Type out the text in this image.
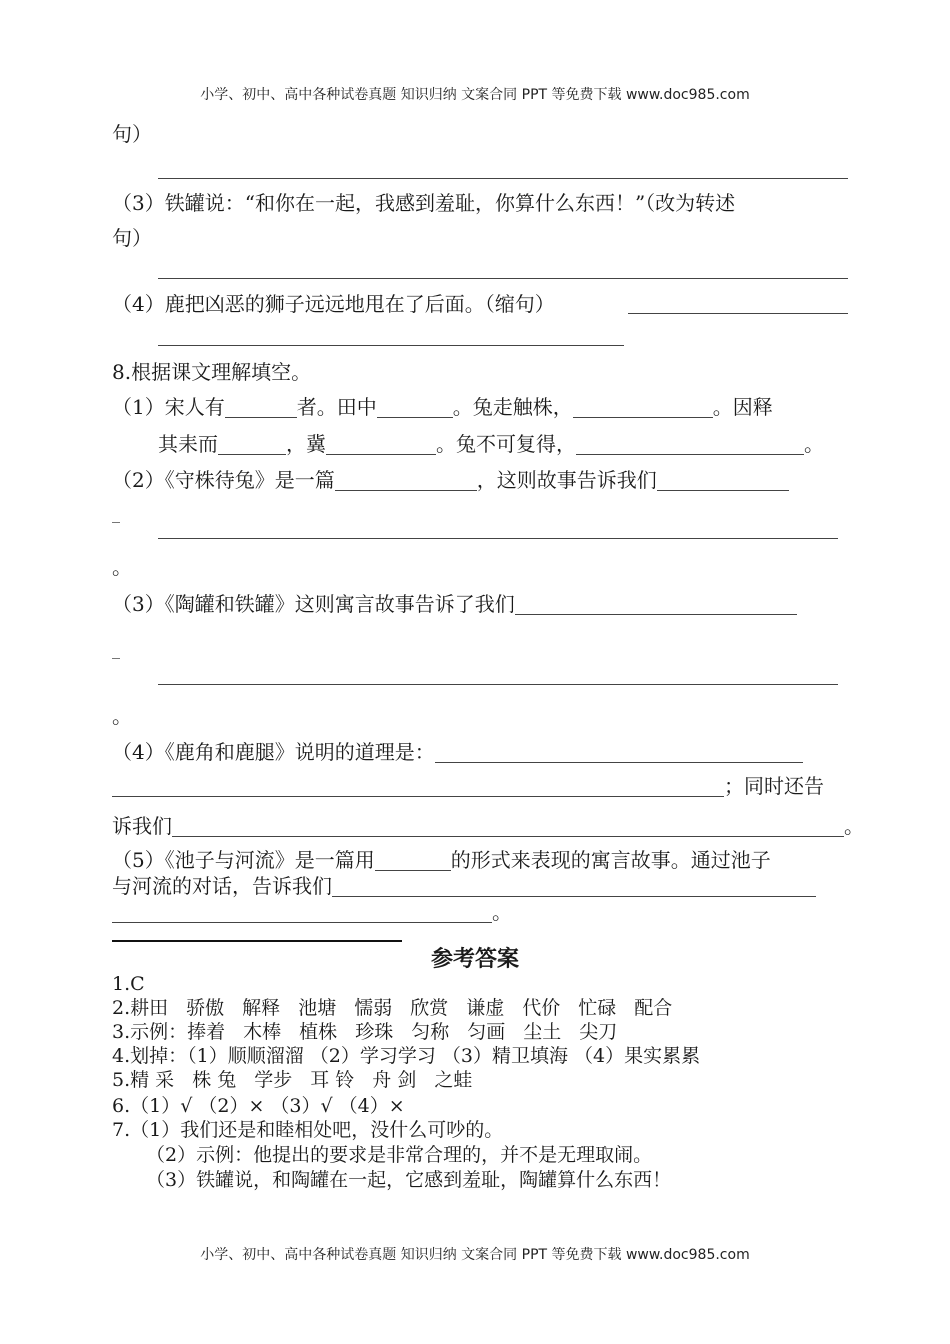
小学、初中、高中各种试卷真题 知识归纳 文案合同 PPT 等免费下载 www.doc985.com
句）
（3）铁罐说：“和你在一起，我感到羞耻，你算什么东西！”（改为转述
句）
（4）鹿把凶恶的狮子远远地甩在了后面。（缩句）
8.根据课文理解填空。
（1）宋人有	者。田中	。兔走触株，	。因释
其耒而	，冀	。兔不可复得，	。
（2）《守株待兔》是一篇	，这则故事告诉我们
_
。
（3）《陶罐和铁罐》这则寓言故事告诉了我们
_
。
（4）《鹿角和鹿腿》说明的道理是：
；同时还告
诉我们	。
（5）《池子与河流》是一篇用	的形式来表现的寓言故事。通过池子
与河流的对话，告诉我们
。
参考答案
1.C
2.耕田 骄傲 解释 池塘 懦弱 欣赏 谦虚 代价 忙碌 配合
3.示例：捧着 木棒 植株 珍珠 匀称 匀画 尘土 尖刀
4.划掉：（1）顺顺溜溜 （2）学习学习 （3）精卫填海 （4）果实累累
5.精 采 株 兔 学步 耳 铃 舟 剑 之蛙
6.（1）√ （2）× （3）√ （4）×
7.（1）我们还是和睦相处吧，没什么可吵的。
（2）示例：他提出的要求是非常合理的，并不是无理取闹。
（3）铁罐说，和陶罐在一起，它感到羞耻，陶罐算什么东西！
小学、初中、高中各种试卷真题 知识归纳 文案合同 PPT 等免费下载 www.doc985.com
